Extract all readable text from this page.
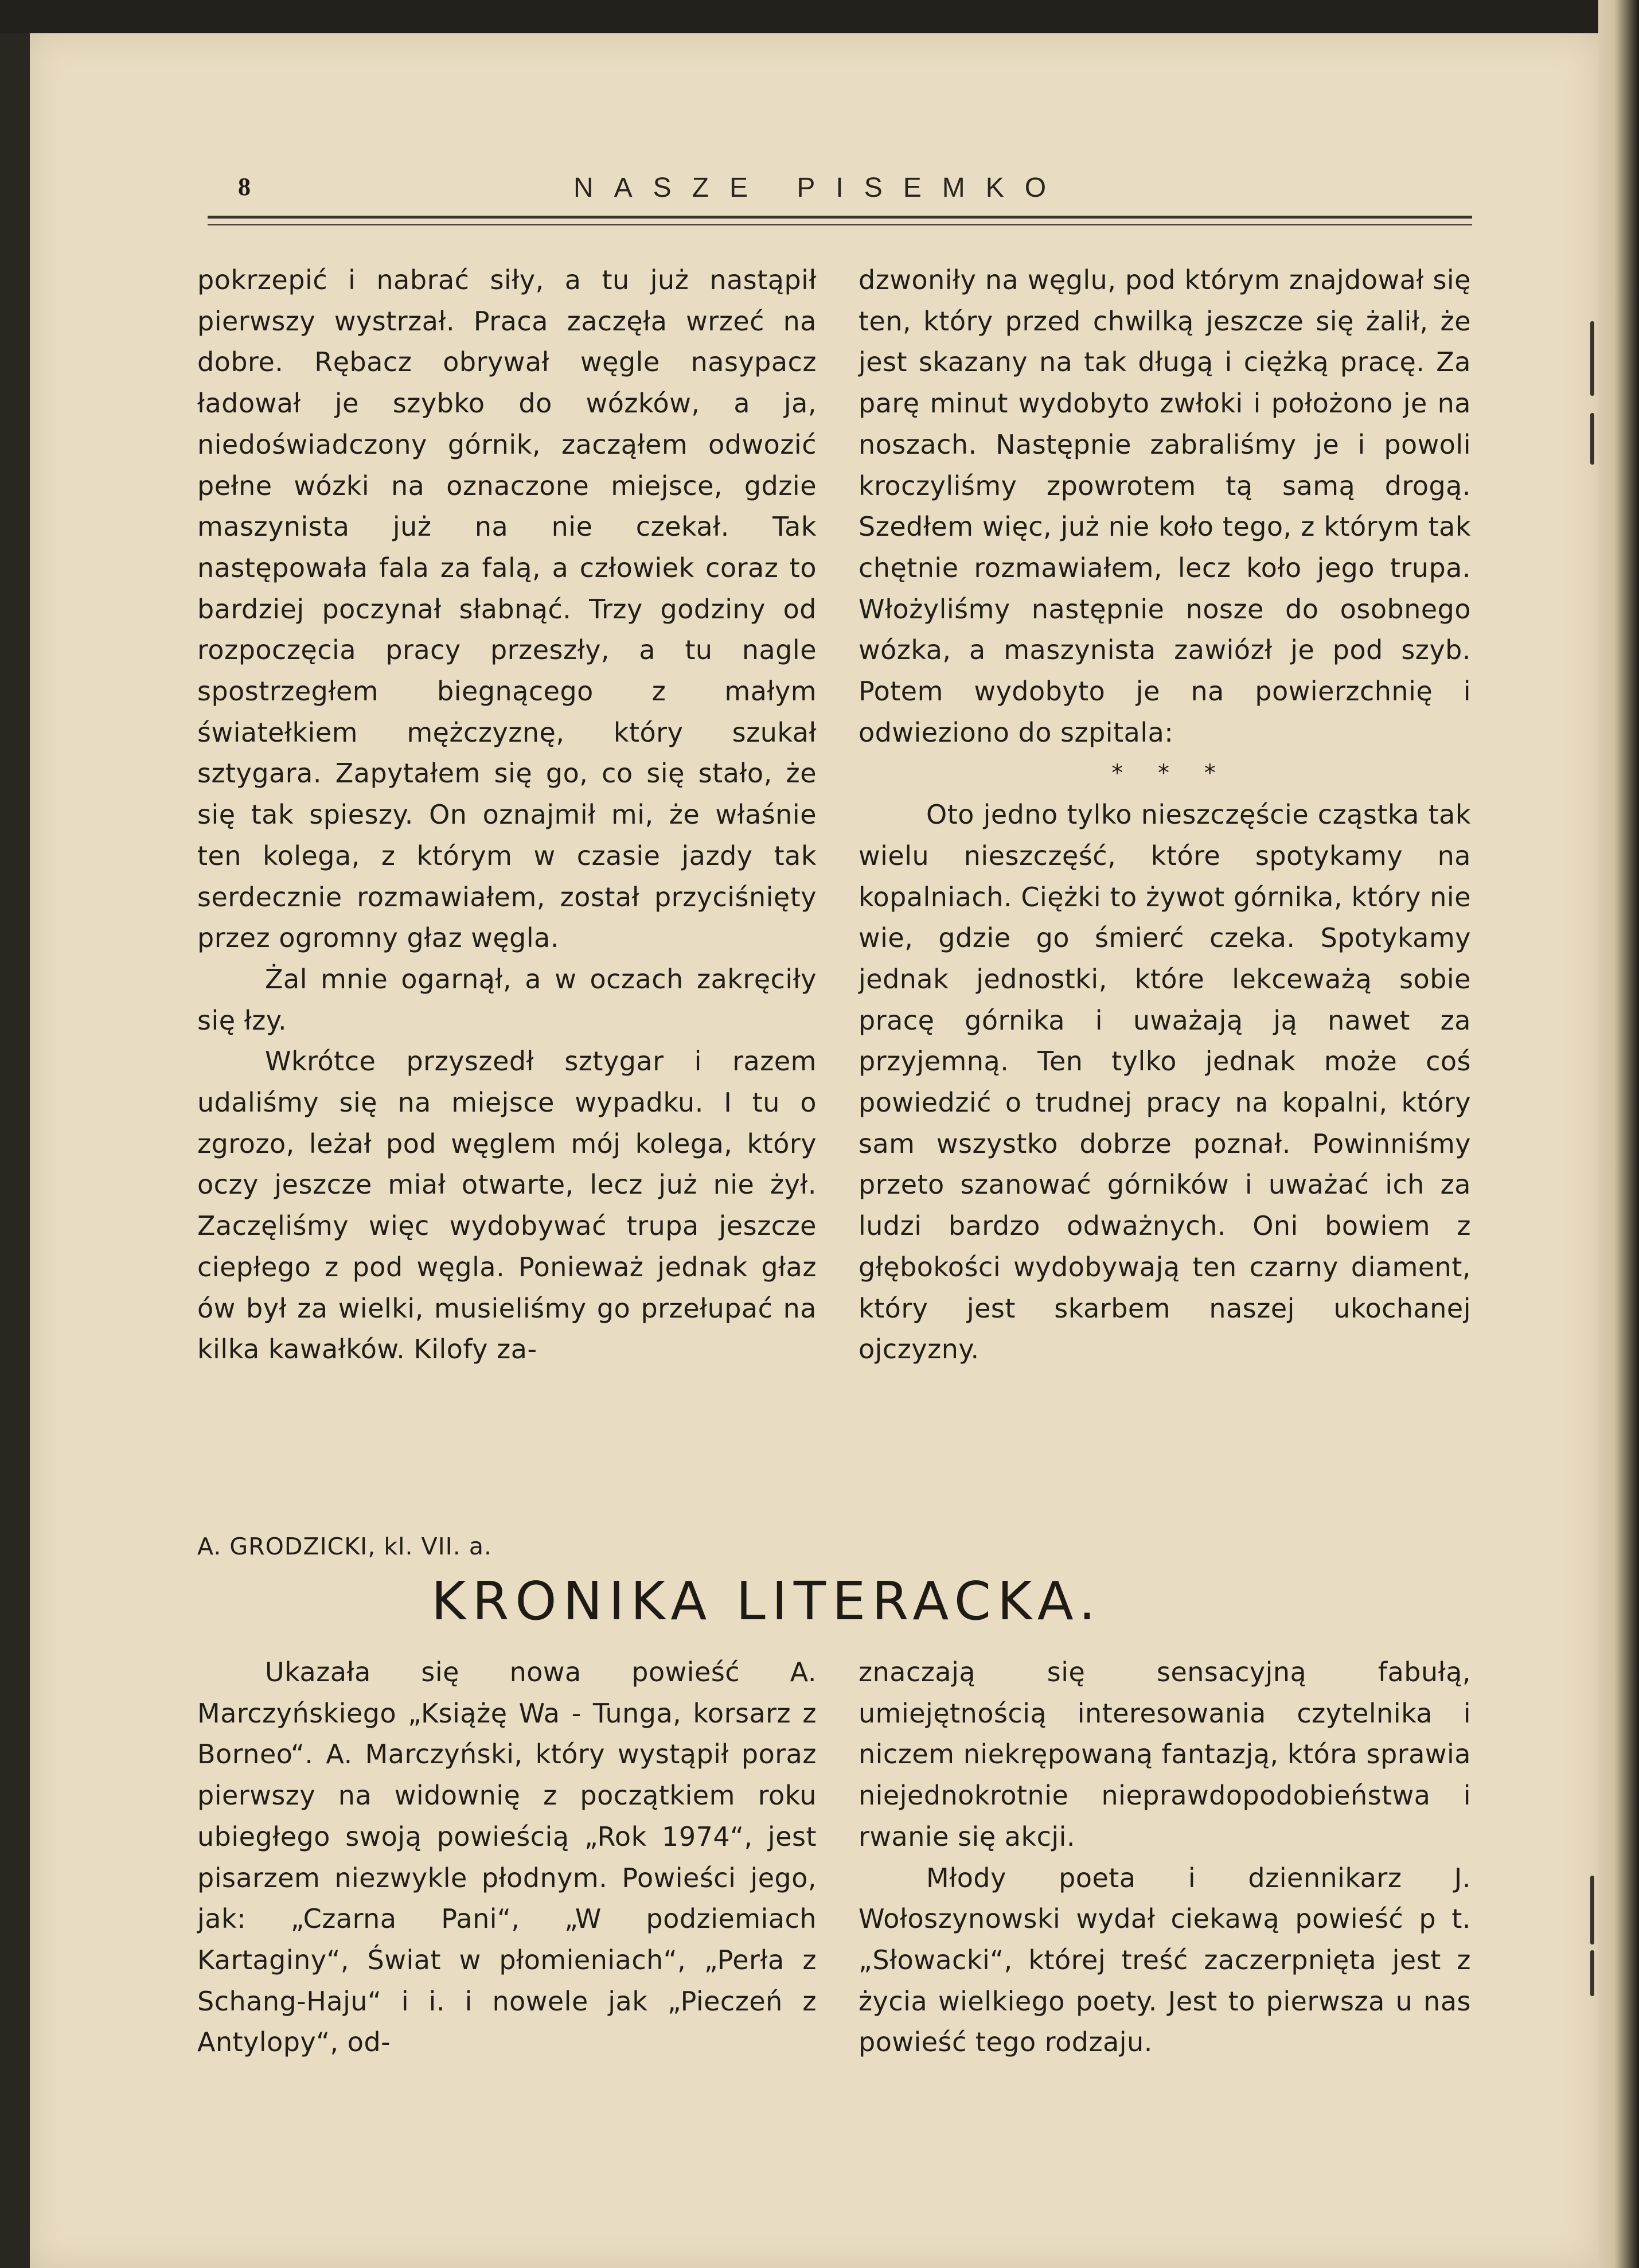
8	NASZE PISEMKO

pokrzepić i nabrać siły, a tu już nastąpił pierwszy wystrzał. Praca zaczęła wrzeć na dobre. Rębacz obrywał węgle nasypacz ładował je szybko do wózków, a ja, niedoświadczony górnik, zacząłem odwozić pełne wózki na oznaczone miejsce, gdzie maszynista już na nie czekał. Tak następowała fala za falą, a człowiek coraz to bardziej poczynał słabnąć. Trzy godziny od rozpoczęcia pracy przeszły, a tu nagle spostrzegłem biegnącego z małym światełkiem mężczyznę, który szukał sztygara. Zapytałem się go, co się stało, że się tak spieszy. On oznajmił mi, że właśnie ten kolega, z którym w czasie jazdy tak serdecznie rozmawiałem, został przyciśnięty przez ogromny głaz węgla.

Żal mnie ogarnął, a w oczach zakręciły się łzy.

Wkrótce przyszedł sztygar i razem udaliśmy się na miejsce wypadku. I tu o zgrozo, leżał pod węglem mój kolega, który oczy jeszcze miał otwarte, lecz już nie żył. Zaczęliśmy więc wydobywać trupa jeszcze ciepłego z pod węgla. Ponieważ jednak głaz ów był za wielki, musieliśmy go przełupać na kilka kawałków. Kilofy za-

dzwoniły na węglu, pod którym znajdował się ten, który przed chwilką jeszcze się żalił, że jest skazany na tak długą i ciężką pracę. Za parę minut wydobyto zwłoki i położono je na noszach. Następnie zabraliśmy je i powoli kroczyliśmy zpowrotem tą samą drogą. Szedłem więc, już nie koło tego, z którym tak chętnie rozmawiałem, lecz koło jego trupa. Włożyliśmy następnie nosze do osobnego wózka, a maszynista zawiózł je pod szyb. Potem wydobyto je na powierzchnię i odwieziono do szpitala:

* * *

Oto jedno tylko nieszczęście cząstka tak wielu nieszczęść, które spotykamy na kopalniach. Ciężki to żywot górnika, który nie wie, gdzie go śmierć czeka. Spotykamy jednak jednostki, które lekceważą sobie pracę górnika i uważają ją nawet za przyjemną. Ten tylko jednak może coś powiedzić o trudnej pracy na kopalni, który sam wszystko dobrze poznał. Powinniśmy przeto szanować górników i uważać ich za ludzi bardzo odważnych. Oni bowiem z głębokości wydobywają ten czarny diament, który jest skarbem naszej ukochanej ojczyzny.

A. GRODZICKI, kl. VII. a.
KRONIKA LITERACKA.

Ukazała się nowa powieść A. Marczyńskiego „Książę Wa - Tunga, korsarz z Borneo“. A. Marczyński, który wystąpił poraz pierwszy na widownię z początkiem roku ubiegłego swoją powieścią „Rok 1974“, jest pisarzem niezwykle płodnym. Powieści jego, jak: „Czarna Pani“, „W podziemiach Kartaginy“, Świat w płomieniach“, „Perła z Schang-Haju“ i i. i nowele jak „Pieczeń z Antylopy“, od-

znaczają się sensacyjną fabułą, umiejętnością interesowania czytelnika i niczem niekrępowaną fantazją, która sprawia niejednokrotnie nieprawdopodobieństwa i rwanie się akcji.

Młody poeta i dziennikarz J. Wołoszynowski wydał ciekawą powieść p t. „Słowacki“, której treść zaczerpnięta jest z życia wielkiego poety. Jest to pierwsza u nas powieść tego rodzaju.
